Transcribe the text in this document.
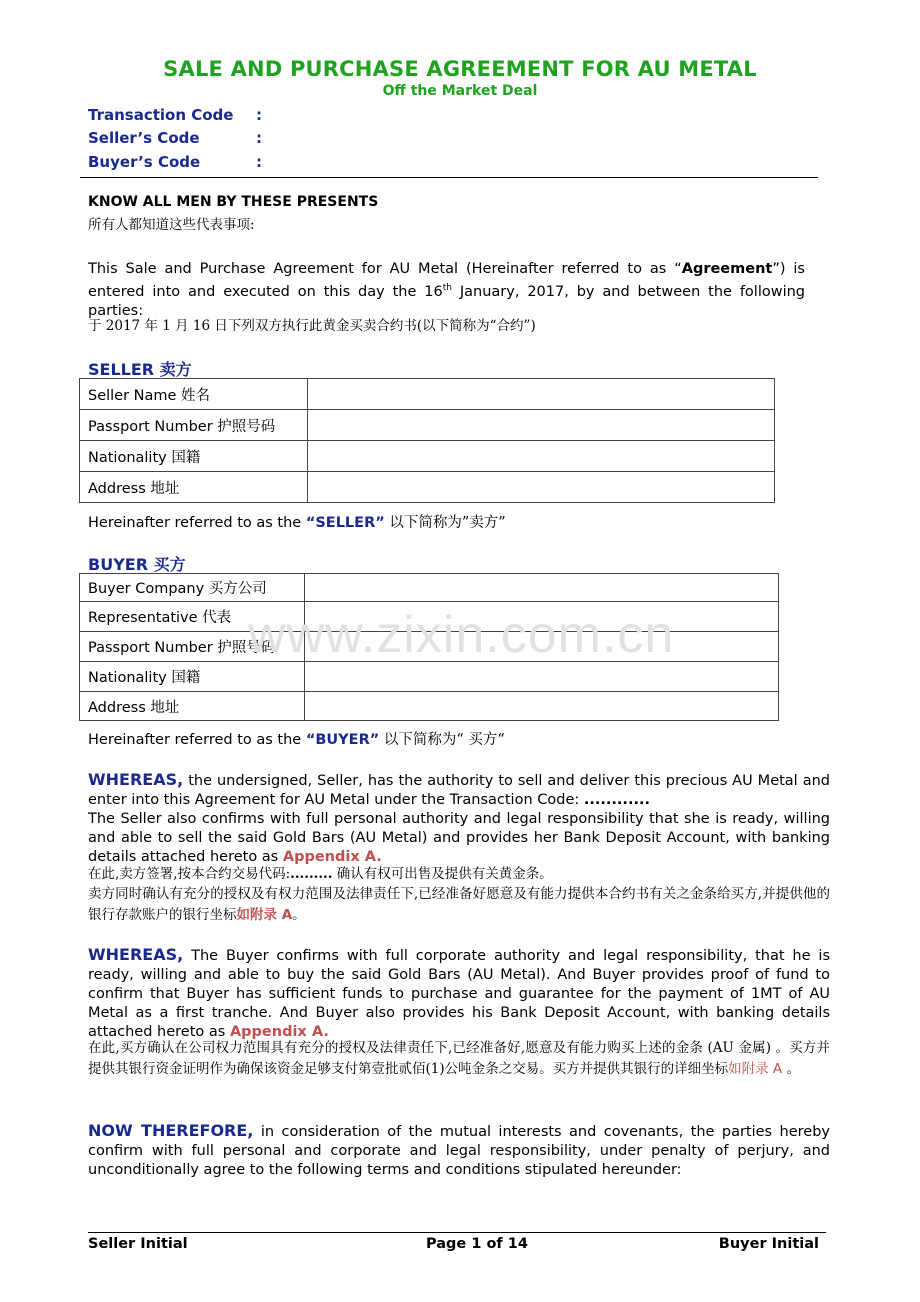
SALE AND PURCHASE AGREEMENT FOR AU METAL
Off the Market Deal
Transaction Code :
Seller’s Code	:
Buyer’s Code	:
KNOW ALL MEN BY THESE PRESENTS
所有人都知道这些代表事项:
This Sale and Purchase Agreement for AU Metal (Hereinafter referred to as “Agreement”) is entered into and executed on this day the 16th January, 2017, by and between the following parties:
于 2017 年 1 月 16 日下列双方执行此黄金买卖合约书(以下简称为“合约”)
SELLER 卖方
Seller Name 姓名	
Passport Number 护照号码	
Nationality 国籍	
Address 地址	
Hereinafter referred to as the “SELLER” 以下简称为”卖方”
BUYER 买方
Buyer Company 买方公司	
Representative 代表	
Passport Number 护照号码	
Nationality 国籍	
Address 地址	
Hereinafter referred to as the “BUYER” 以下简称为“ 买方“
www.zixin.com.cn
WHEREAS, the undersigned, Seller, has the authority to sell and deliver this precious AU Metal and enter into this Agreement for AU Metal under the Transaction Code: ............
The Seller also confirms with full personal authority and legal responsibility that she is ready, willing and able to sell the said Gold Bars (AU Metal) and provides her Bank Deposit Account, with banking details attached hereto as Appendix A.
在此,卖方签署,按本合约交易代码:......... 确认有权可出售及提供有关黄金条。
卖方同时确认有充分的授权及有权力范围及法律责任下,已经准备好愿意及有能力提供本合约书有关之金条给买方,并提供他的银行存款账户的银行坐标如附录 A。
WHEREAS, The Buyer confirms with full corporate authority and legal responsibility, that he is ready, willing and able to buy the said Gold Bars (AU Metal). And Buyer provides proof of fund to confirm that Buyer has sufficient funds to purchase and guarantee for the payment of 1MT of AU Metal as a first tranche. And Buyer also provides his Bank Deposit Account, with banking details attached hereto as Appendix A.
在此,买方确认在公司权力范围具有充分的授权及法律责任下,已经准备好,愿意及有能力购买上述的金条 (AU 金属) 。买方并提供其银行资金证明作为确保该资金足够支付第壹批贰佰(1)公吨金条之交易。买方并提供其银行的详细坐标如附录 A 。
NOW THEREFORE, in consideration of the mutual interests and covenants, the parties hereby confirm with full personal and corporate and legal responsibility, under penalty of perjury, and unconditionally agree to the following terms and conditions stipulated hereunder:
Seller Initial	Page 1 of 14	Buyer Initial
